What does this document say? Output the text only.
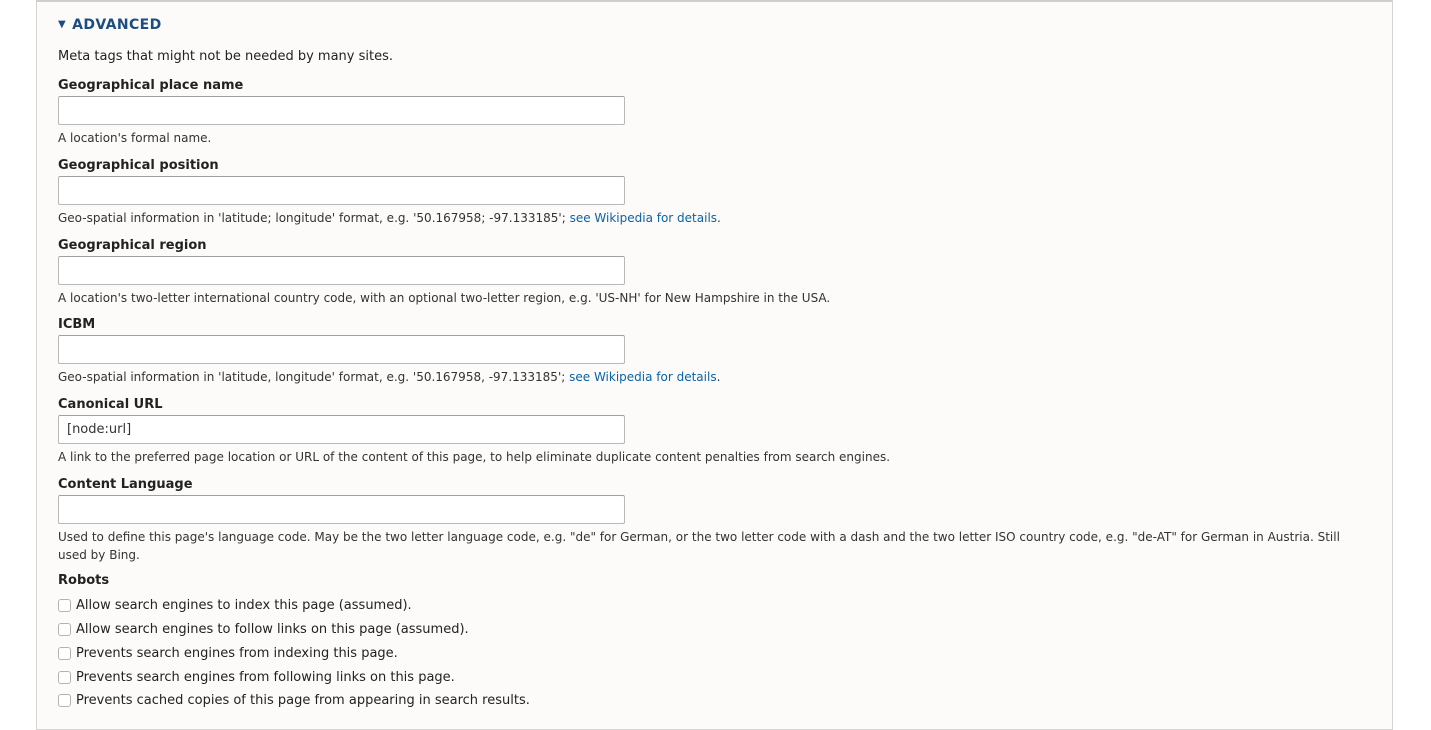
▼ ADVANCED
Meta tags that might not be needed by many sites.
Geographical place name
A location's formal name.
Geographical position
Geo-spatial information in 'latitude; longitude' format, e.g. '50.167958; -97.133185'; see Wikipedia for details.
Geographical region
A location's two-letter international country code, with an optional two-letter region, e.g. 'US-NH' for New Hampshire in the USA.
ICBM
Geo-spatial information in 'latitude, longitude' format, e.g. '50.167958, -97.133185'; see Wikipedia for details.
Canonical URL
[node:url]
A link to the preferred page location or URL of the content of this page, to help eliminate duplicate content penalties from search engines.
Content Language
Used to define this page's language code. May be the two letter language code, e.g. "de" for German, or the two letter code with a dash and the two letter ISO country code, e.g. "de-AT" for German in Austria. Still used by Bing.
Robots
Allow search engines to index this page (assumed).
Allow search engines to follow links on this page (assumed).
Prevents search engines from indexing this page.
Prevents search engines from following links on this page.
Prevents cached copies of this page from appearing in search results.
